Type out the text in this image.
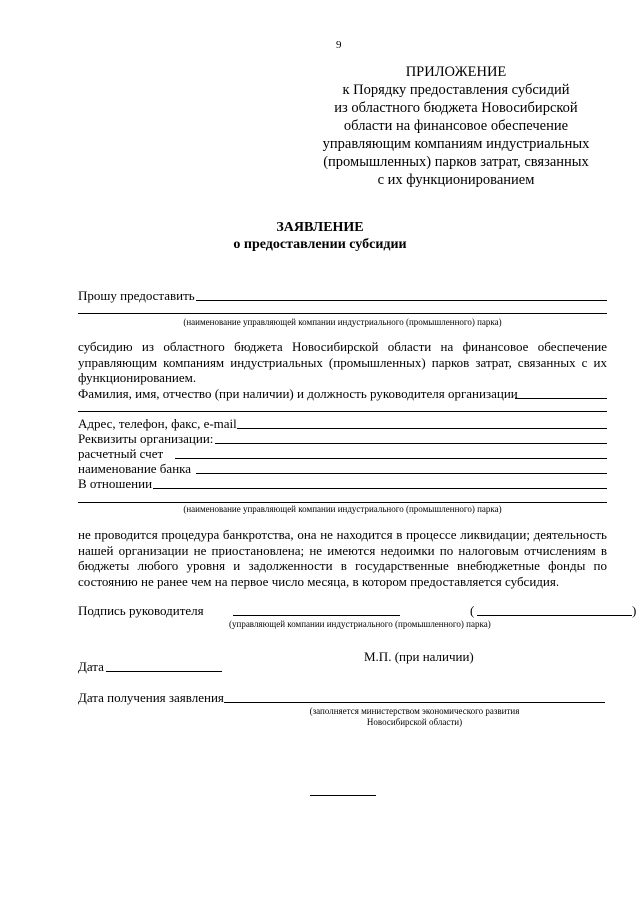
9
ПРИЛОЖЕНИЕ
к Порядку предоставления субсидий
из областного бюджета Новосибирской
области на финансовое обеспечение
управляющим компаниям индустриальных
(промышленных) парков затрат, связанных
с их функционированием
ЗАЯВЛЕНИЕ
о предоставлении субсидии
Прошу предоставить
(наименование управляющей компании индустриального (промышленного) парка)
субсидию из областного бюджета Новосибирской области на финансовое обеспечение управляющим компаниям индустриальных (промышленных) парков затрат, связанных с их функционированием.
Фамилия, имя, отчество (при наличии) и должность руководителя организации
Адрес, телефон, факс, e-mail
Реквизиты организации:
расчетный счет
наименование банка
В отношении
(наименование управляющей компании индустриального (промышленного) парка)
не проводится процедура банкротства, она не находится в процессе ликвидации; деятельность нашей организации не приостановлена; не имеются недоимки по налоговым отчислениям в бюджеты любого уровня и задолженности в государственные внебюджетные фонды по состоянию не ранее чем на первое число месяца, в котором предоставляется субсидия.
Подпись руководителя	(	)
(управляющей компании индустриального (промышленного) парка)
М.П. (при наличии)
Дата
Дата получения заявления
(заполняется министерством экономического развития
Новосибирской области)
